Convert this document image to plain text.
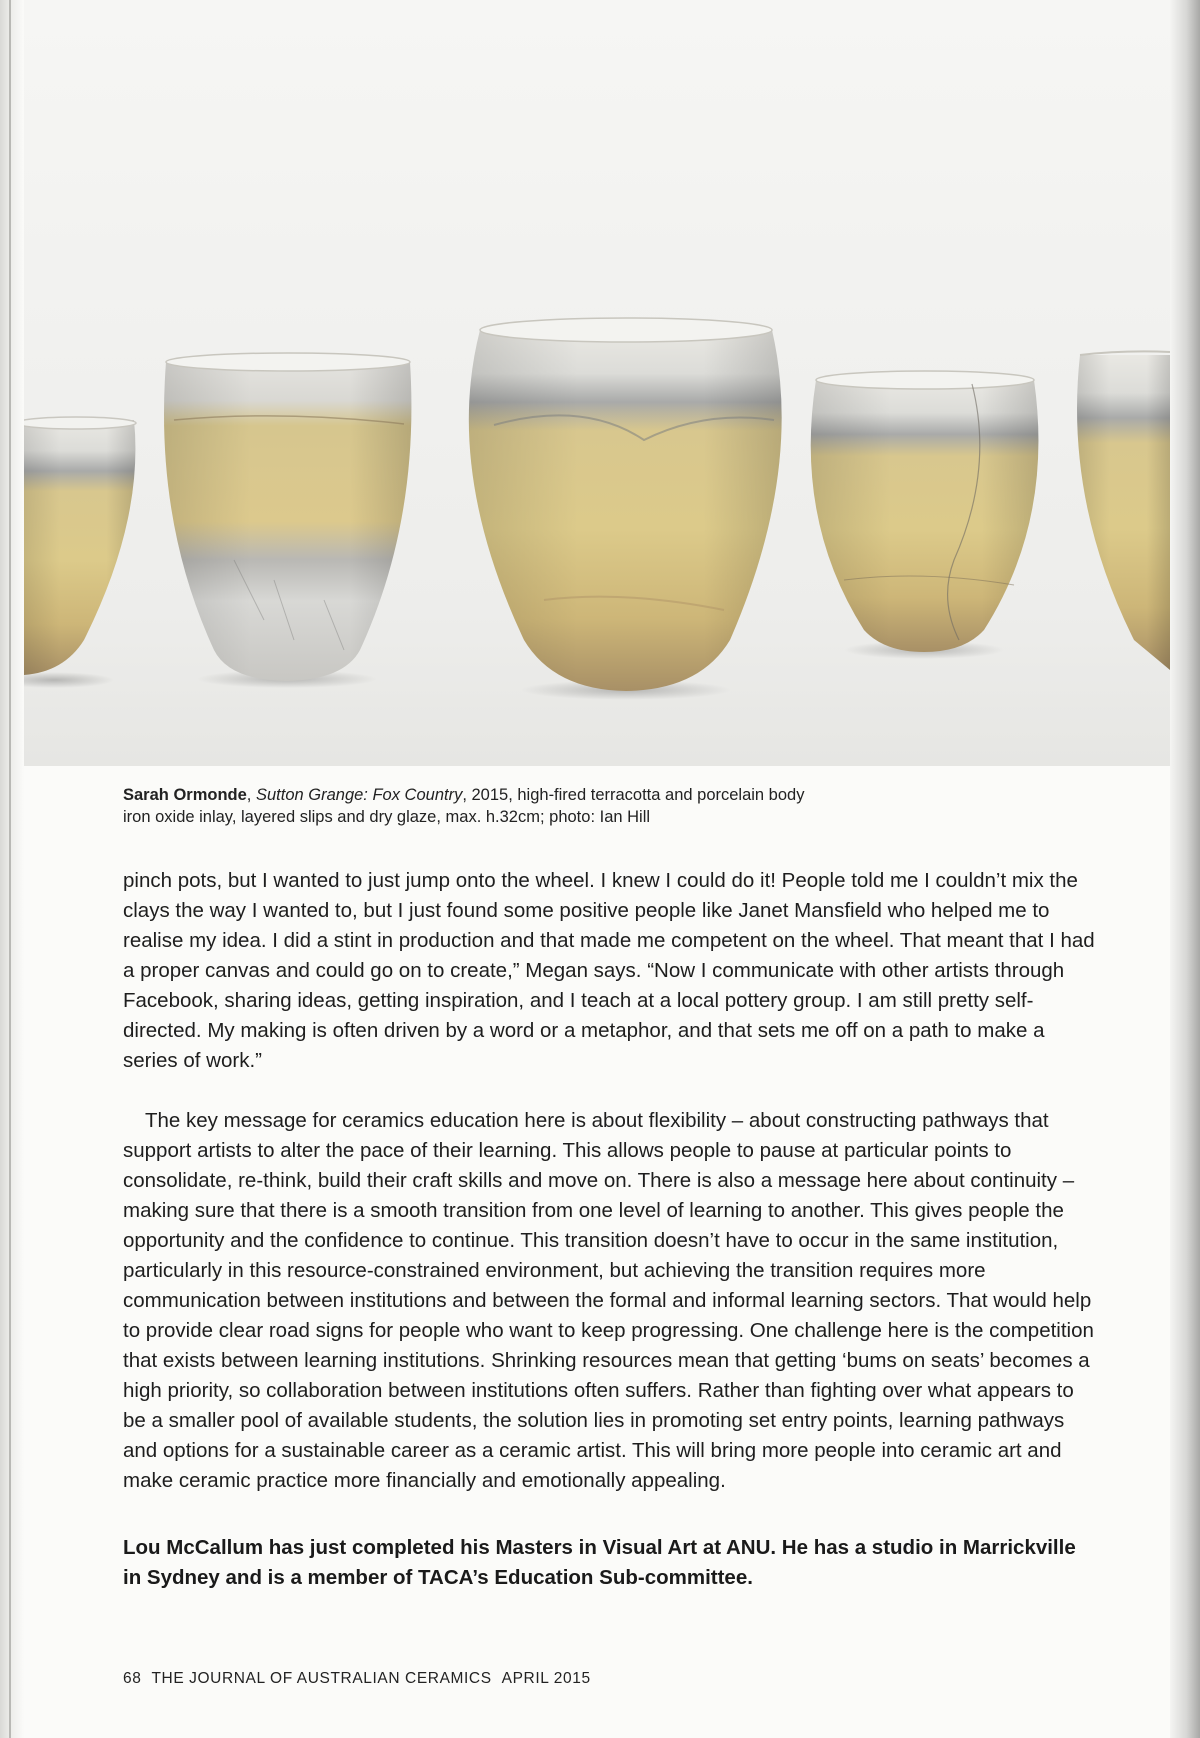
Sarah Ormonde, Sutton Grange: Fox Country, 2015, high-fired terracotta and porcelain body
iron oxide inlay, layered slips and dry glaze, max. h.32cm; photo: Ian Hill

pinch pots, but I wanted to just jump onto the wheel. I knew I could do it! People told me I couldn’t mix the clays the way I wanted to, but I just found some positive people like Janet Mansfield who helped me to realise my idea. I did a stint in production and that made me competent on the wheel. That meant that I had a proper canvas and could go on to create,” Megan says. “Now I communicate with other artists through Facebook, sharing ideas, getting inspiration, and I teach at a local pottery group. I am still pretty self-directed. My making is often driven by a word or a metaphor, and that sets me off on a path to make a series of work.”

The key message for ceramics education here is about flexibility – about constructing pathways that support artists to alter the pace of their learning. This allows people to pause at particular points to consolidate, re-think, build their craft skills and move on. There is also a message here about continuity – making sure that there is a smooth transition from one level of learning to another. This gives people the opportunity and the confidence to continue. This transition doesn’t have to occur in the same institution, particularly in this resource-constrained environment, but achieving the transition requires more communication between institutions and between the formal and informal learning sectors. That would help to provide clear road signs for people who want to keep progressing. One challenge here is the competition that exists between learning institutions. Shrinking resources mean that getting ‘bums on seats’ becomes a high priority, so collaboration between institutions often suffers. Rather than fighting over what appears to be a smaller pool of available students, the solution lies in promoting set entry points, learning pathways and options for a sustainable career as a ceramic artist. This will bring more people into ceramic art and make ceramic practice more financially and emotionally appealing.

Lou McCallum has just completed his Masters in Visual Art at ANU. He has a studio in Marrickville in Sydney and is a member of TACA’s Education Sub-committee.
68 THE JOURNAL OF AUSTRALIAN CERAMICS APRIL 2015
